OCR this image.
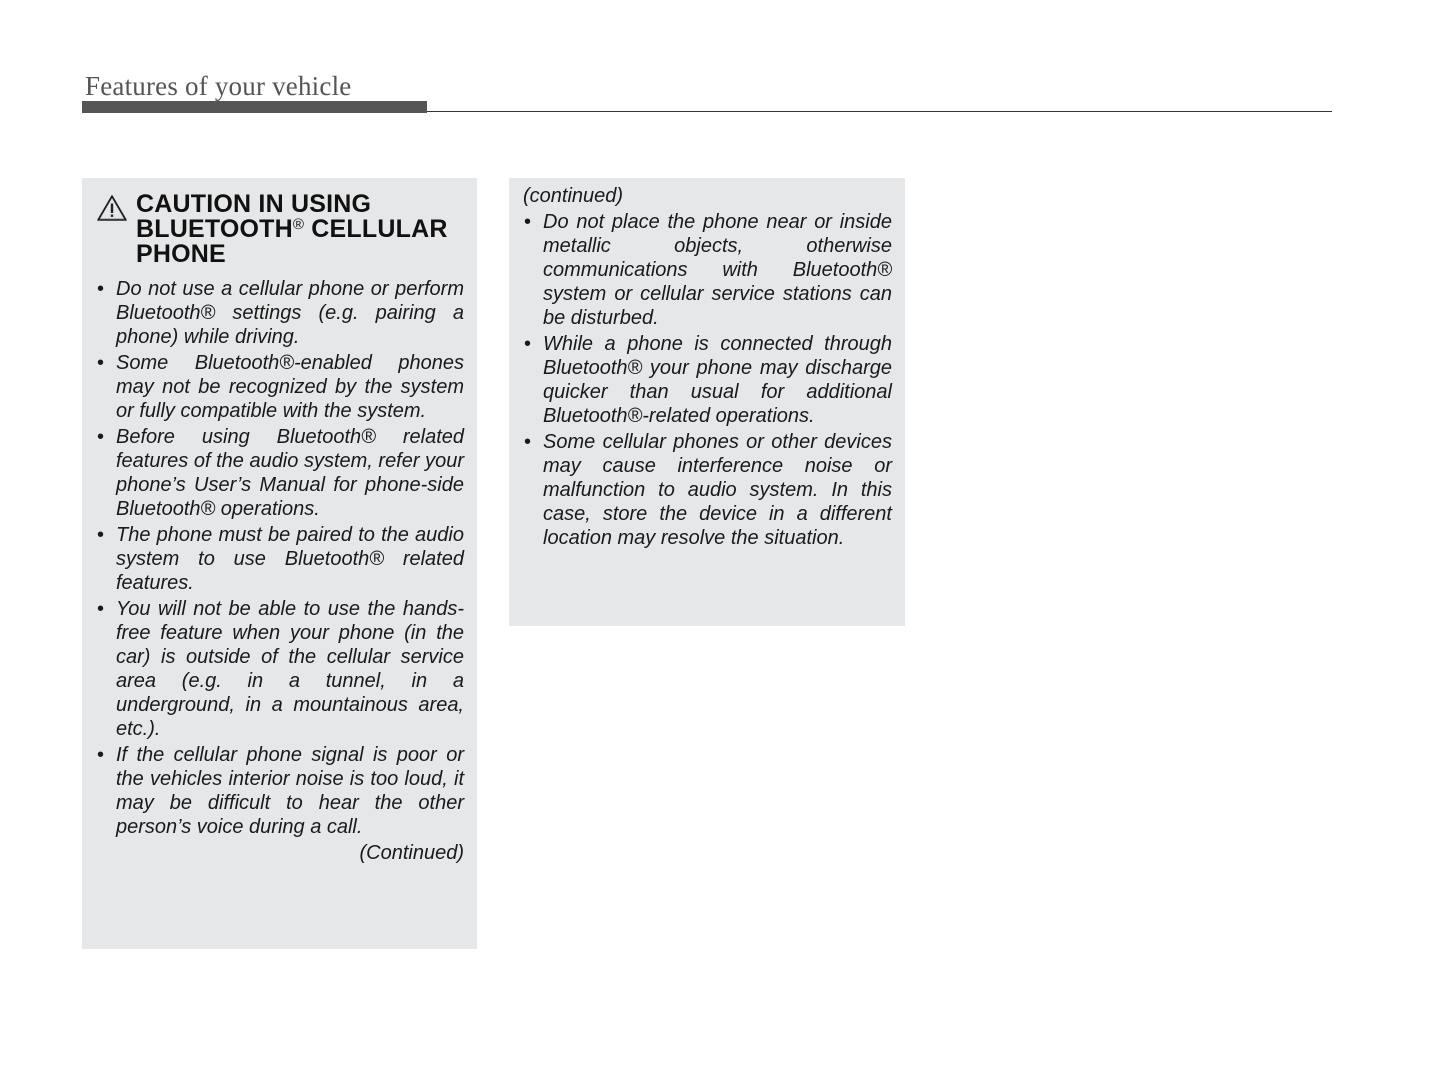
Features of your vehicle
CAUTION IN USING
BLUETOOTH® CELLULAR
PHONE
• Do not use a cellular phone or perform Bluetooth® settings (e.g. pairing a phone) while driving.
• Some Bluetooth®-enabled phones may not be recognized by the system or fully compatible with the system.
• Before using Bluetooth® related features of the audio system, refer your phone’s User’s Manual for phone-side Bluetooth® operations.
• The phone must be paired to the audio system to use Bluetooth® related features.
• You will not be able to use the hands-free feature when your phone (in the car) is outside of the cellular service area (e.g. in a tunnel, in a underground, in a mountainous area, etc.).
• If the cellular phone signal is poor or the vehicles interior noise is too loud, it may be difficult to hear the other person’s voice during a call.
(Continued)
(continued)
• Do not place the phone near or inside metallic objects, otherwise communications with Bluetooth® system or cellular service stations can be disturbed.
• While a phone is connected through Bluetooth® your phone may discharge quicker than usual for additional Bluetooth®-related operations.
• Some cellular phones or other devices may cause interference noise or malfunction to audio system. In this case, store the device in a different location may resolve the situation.
